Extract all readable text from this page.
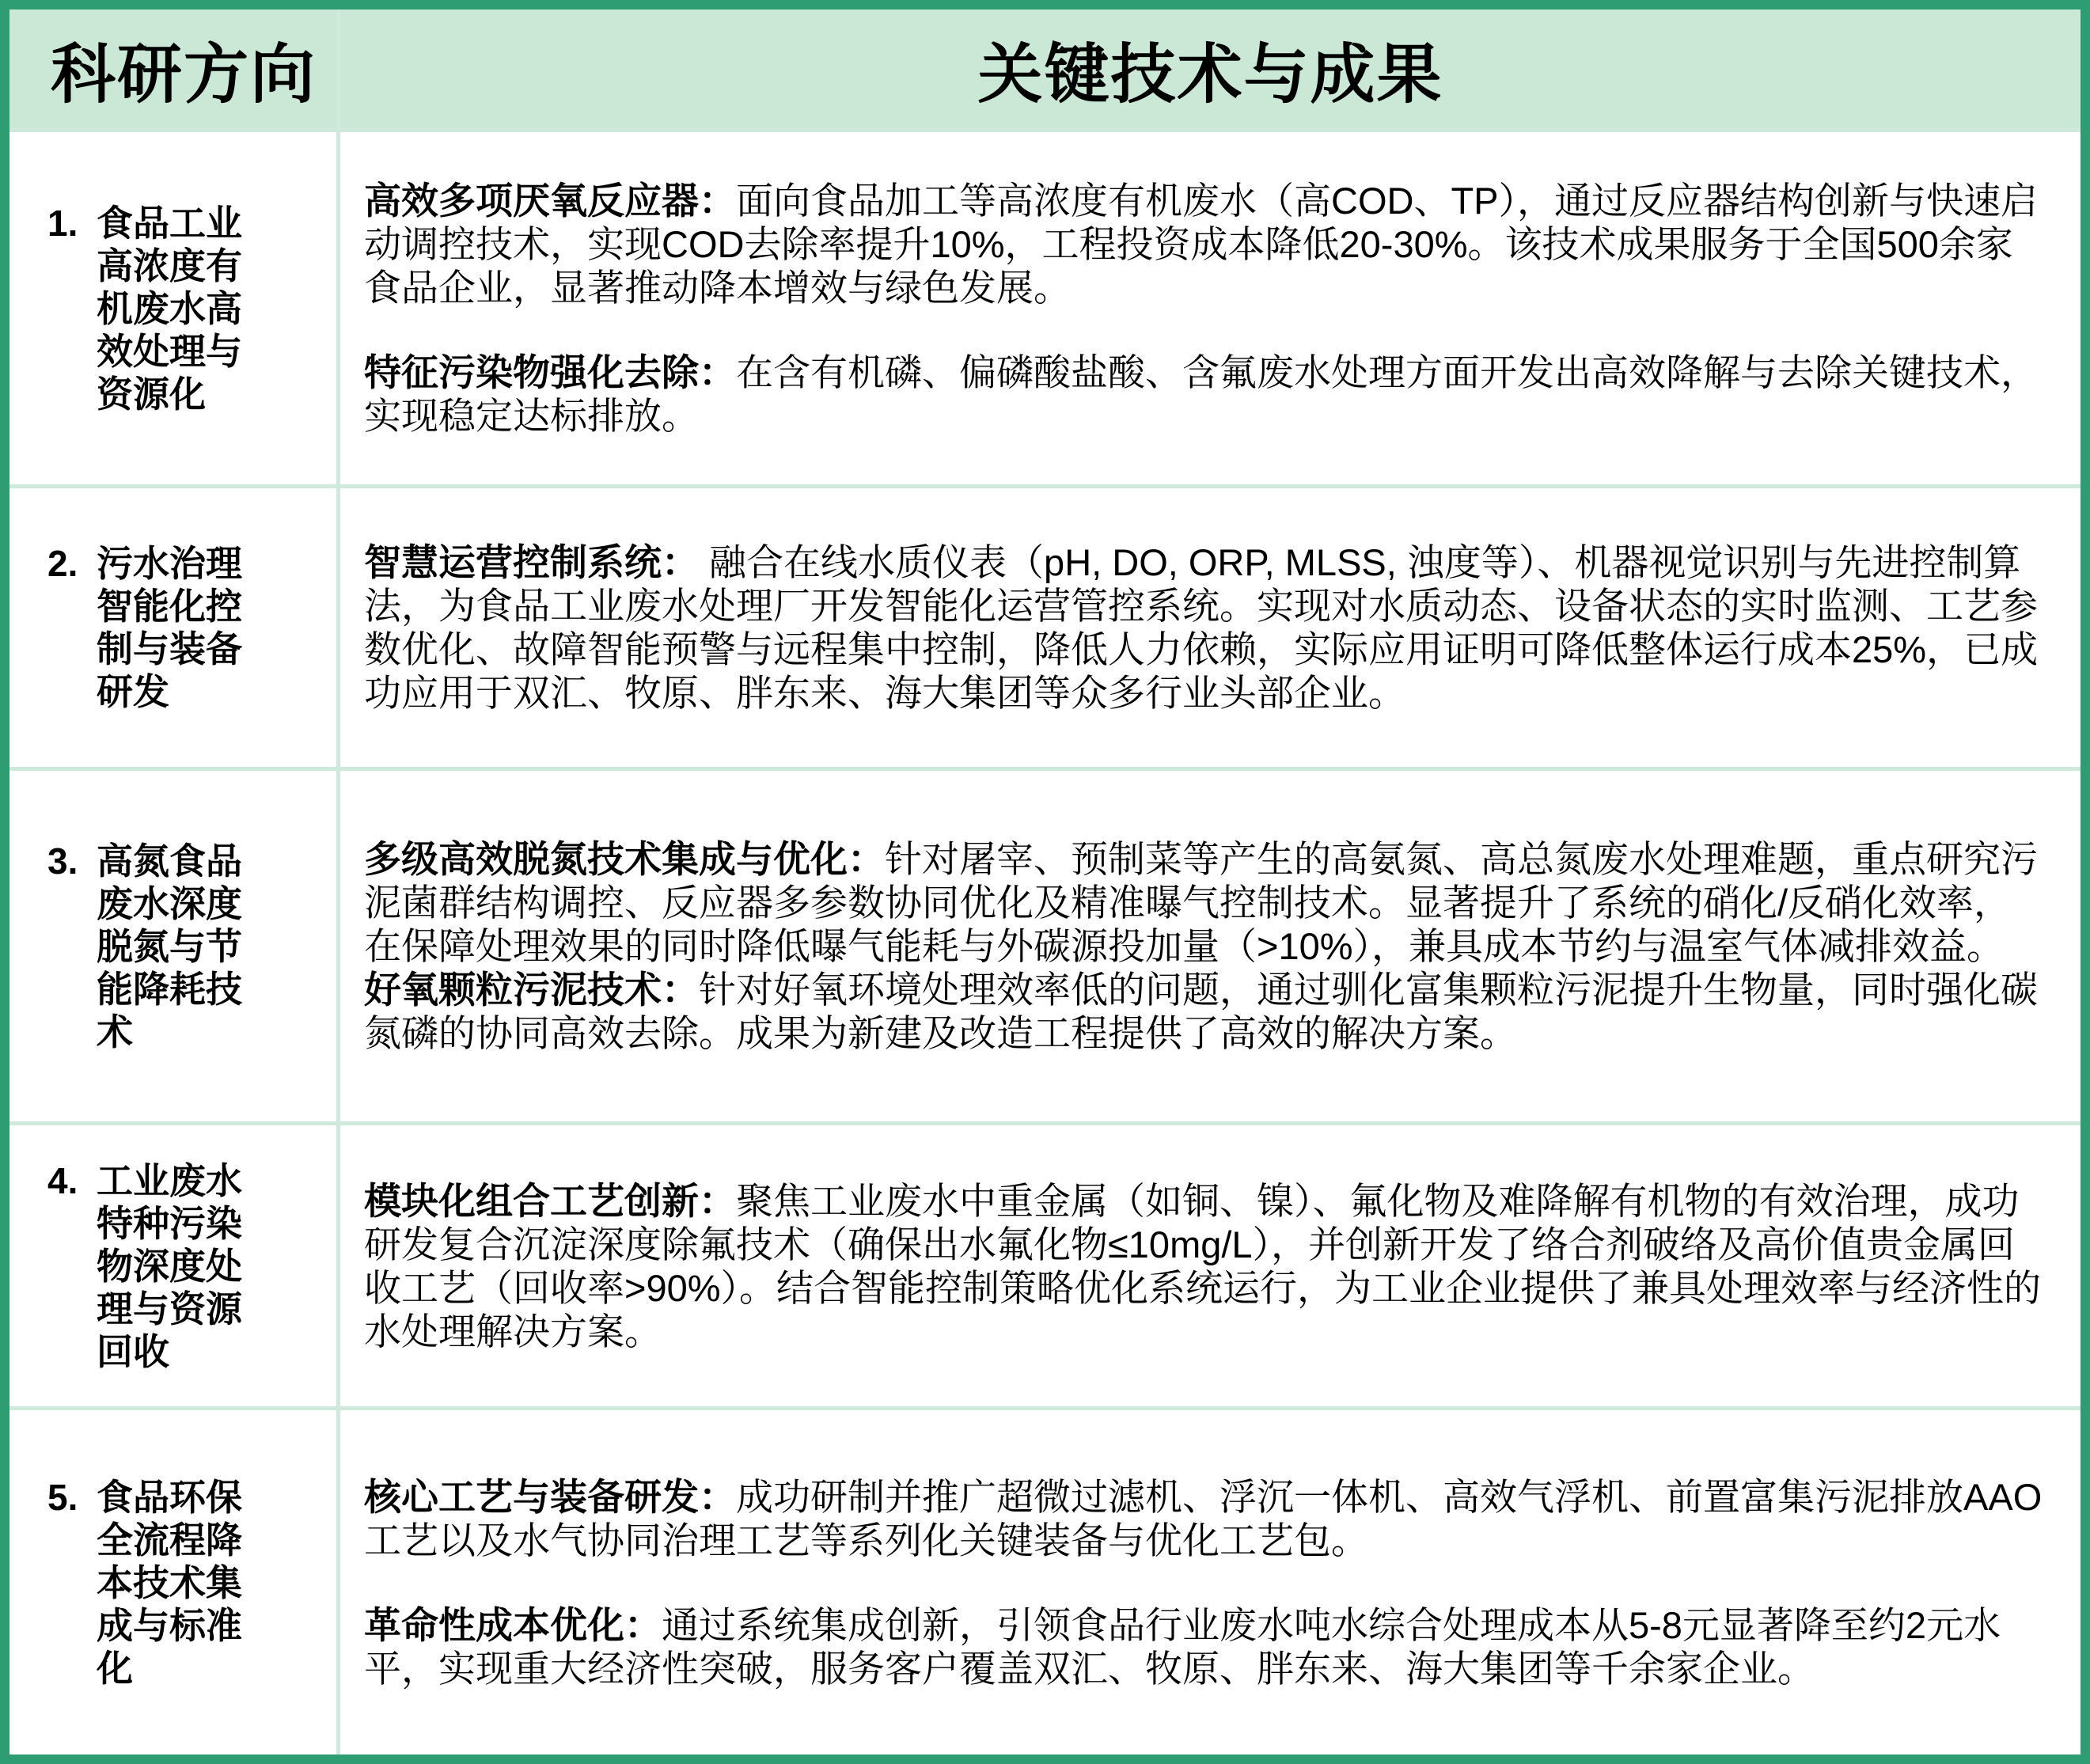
科研方向	关键技术与成果
1. 食品工业高浓度有机废水高效处理与资源化

高效多项厌氧反应器：面向食品加工等高浓度有机废水（高COD、TP），通过反应器结构创新与快速启动调控技术，实现COD去除率提升10%，工程投资成本降低20-30%。该技术成果服务于全国500余家食品企业，显著推动降本增效与绿色发展。

特征污染物强化去除：在含有机磷、偏磷酸盐酸、含氟废水处理方面开发出高效降解与去除关键技术，实现稳定达标排放。

2. 污水治理智能化控制与装备研发

智慧运营控制系统： 融合在线水质仪表（pH, DO, ORP, MLSS, 浊度等）、机器视觉识别与先进控制算法，为食品工业废水处理厂开发智能化运营管控系统。实现对水质动态、设备状态的实时监测、工艺参数优化、故障智能预警与远程集中控制，降低人力依赖，实际应用证明可降低整体运行成本25%，已成功应用于双汇、牧原、胖东来、海大集团等众多行业头部企业。

3. 高氮食品废水深度脱氮与节能降耗技术

多级高效脱氮技术集成与优化：针对屠宰、预制菜等产生的高氨氮、高总氮废水处理难题，重点研究污泥菌群结构调控、反应器多参数协同优化及精准曝气控制技术。显著提升了系统的硝化/反硝化效率，在保障处理效果的同时降低曝气能耗与外碳源投加量（>10%），兼具成本节约与温室气体减排效益。

好氧颗粒污泥技术：针对好氧环境处理效率低的问题，通过驯化富集颗粒污泥提升生物量，同时强化碳氮磷的协同高效去除。成果为新建及改造工程提供了高效的解决方案。

4. 工业废水特种污染物深度处理与资源回收

模块化组合工艺创新：聚焦工业废水中重金属（如铜、镍）、氟化物及难降解有机物的有效治理，成功研发复合沉淀深度除氟技术（确保出水氟化物≤10mg/L），并创新开发了络合剂破络及高价值贵金属回收工艺（回收率>90%）。结合智能控制策略优化系统运行，为工业企业提供了兼具处理效率与经济性的水处理解决方案。

5. 食品环保全流程降本技术集成与标准化

核心工艺与装备研发：成功研制并推广超微过滤机、浮沉一体机、高效气浮机、前置富集污泥排放AAO工艺以及水气协同治理工艺等系列化关键装备与优化工艺包。

革命性成本优化：通过系统集成创新，引领食品行业废水吨水综合处理成本从5-8元显著降至约2元水平，实现重大经济性突破，服务客户覆盖双汇、牧原、胖东来、海大集团等千余家企业。
